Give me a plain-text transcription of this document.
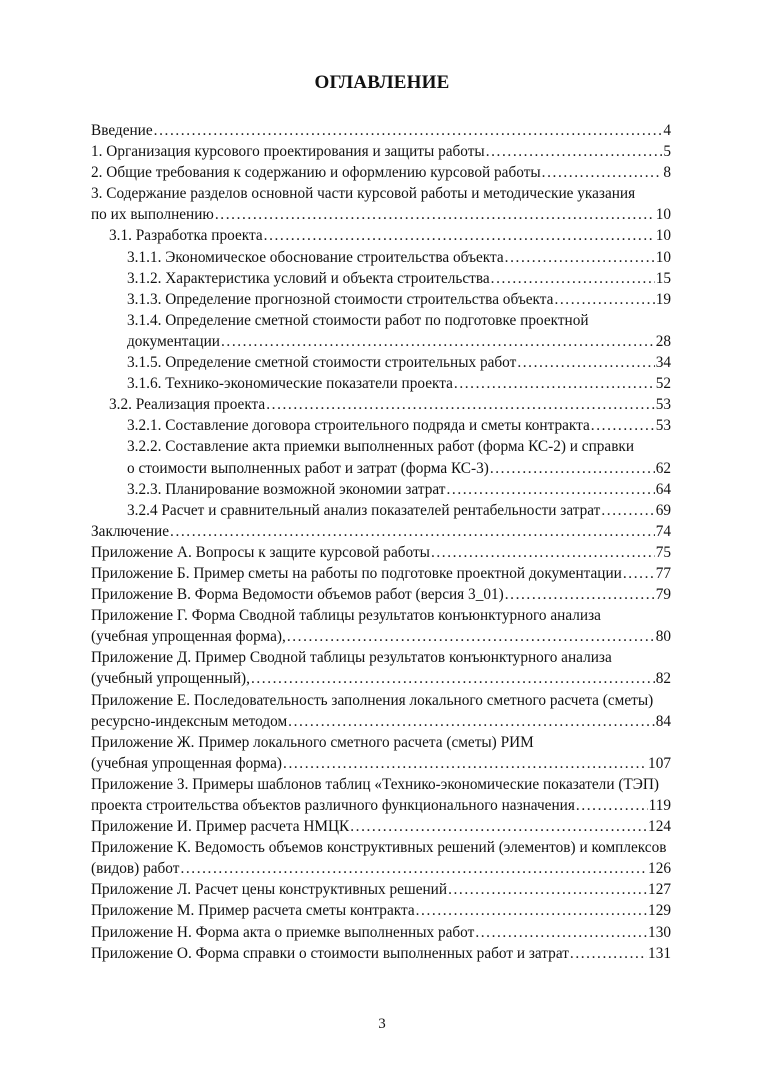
ОГЛАВЛЕНИЕ
Введение .....	4
1. Организация курсового проектирования и защиты работы .....	5
2. Общие требования к содержанию и оформлению курсовой работы .....	8
3. Содержание разделов основной части курсовой работы и методические указания
по их выполнению .....	10
3.1. Разработка проекта .....	10
3.1.1. Экономическое обоснование строительства объекта .....	10
3.1.2. Характеристика условий и объекта строительства .....	15
3.1.3. Определение прогнозной стоимости строительства объекта .....	19
3.1.4. Определение сметной стоимости работ по подготовке проектной
документации .....	28
3.1.5. Определение сметной стоимости строительных работ .....	34
3.1.6. Технико-экономические показатели проекта .....	52
3.2. Реализация проекта .....	53
3.2.1. Составление договора строительного подряда и сметы контракта .....	53
3.2.2. Составление акта приемки выполненных работ (форма КС-2) и справки
о стоимости выполненных работ и затрат (форма КС-3) .....	62
3.2.3. Планирование возможной экономии затрат .....	64
3.2.4 Расчет и сравнительный анализ показателей рентабельности затрат .....	69
Заключение .....	74
Приложение А. Вопросы к защите курсовой работы .....	75
Приложение Б. Пример сметы на работы по подготовке проектной документации ..... 77
Приложение В. Форма Ведомости объемов работ (версия 3_01) .....	79
Приложение Г. Форма Сводной таблицы результатов конъюнктурного анализа
(учебная упрощенная форма), .....	80
Приложение Д. Пример Сводной таблицы результатов конъюнктурного анализа
(учебный упрощенный), .....	82
Приложение Е. Последовательность заполнения локального сметного расчета (сметы)
ресурсно-индексным методом .....	84
Приложение Ж. Пример локального сметного расчета (сметы) РИМ
(учебная упрощенная форма) .....	107
Приложение З. Примеры шаблонов таблиц «Технико-экономические показатели (ТЭП)
проекта строительства объектов различного функционального назначения .....	119
Приложение И. Пример расчета НМЦК .....	124
Приложение К. Ведомость объемов конструктивных решений (элементов) и комплексов
(видов) работ .....	126
Приложение Л. Расчет цены конструктивных решений .....	127
Приложение М. Пример расчета сметы контракта .....	129
Приложение Н. Форма акта о приемке выполненных работ .....	130
Приложение О. Форма справки о стоимости выполненных работ и затрат .....	131
3
